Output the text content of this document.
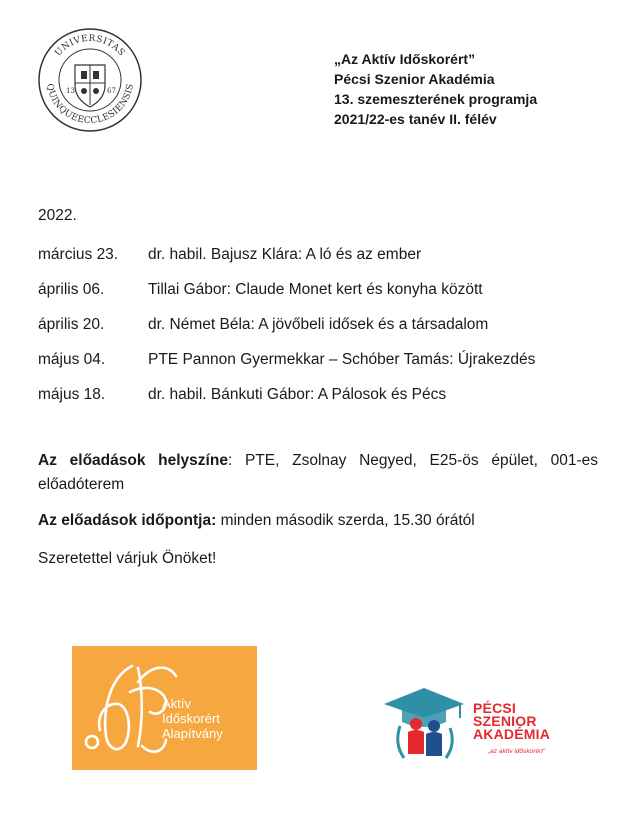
UNIVERSITAS
QUINQUEECCLESIENSIS
13	67
„Az Aktív Időskorért”
Pécsi Szenior Akadémia
13. szemeszterének programja
2021/22-es tanév II. félév
2022.
március 23.	dr. habil. Bajusz Klára: A ló és az ember
április 06.	Tillai Gábor: Claude Monet kert és konyha között
április 20.	dr. Német Béla: A jövőbeli idősek és a társadalom
május 04.	PTE Pannon Gyermekkar – Schóber Tamás: Újrakezdés
május 18.	dr. habil. Bánkuti Gábor: A Pálosok és Pécs
Az előadások helyszíne: PTE, Zsolnay Negyed, E25-ös épület, 001-es előadóterem
Az előadások időpontja: minden második szerda, 15.30 órától
Szeretettel várjuk Önöket!
Aktív
Időskorért
Alapítvány
PÉCSI
SZENIOR
AKADÉMIA
„az aktív időskorért”
